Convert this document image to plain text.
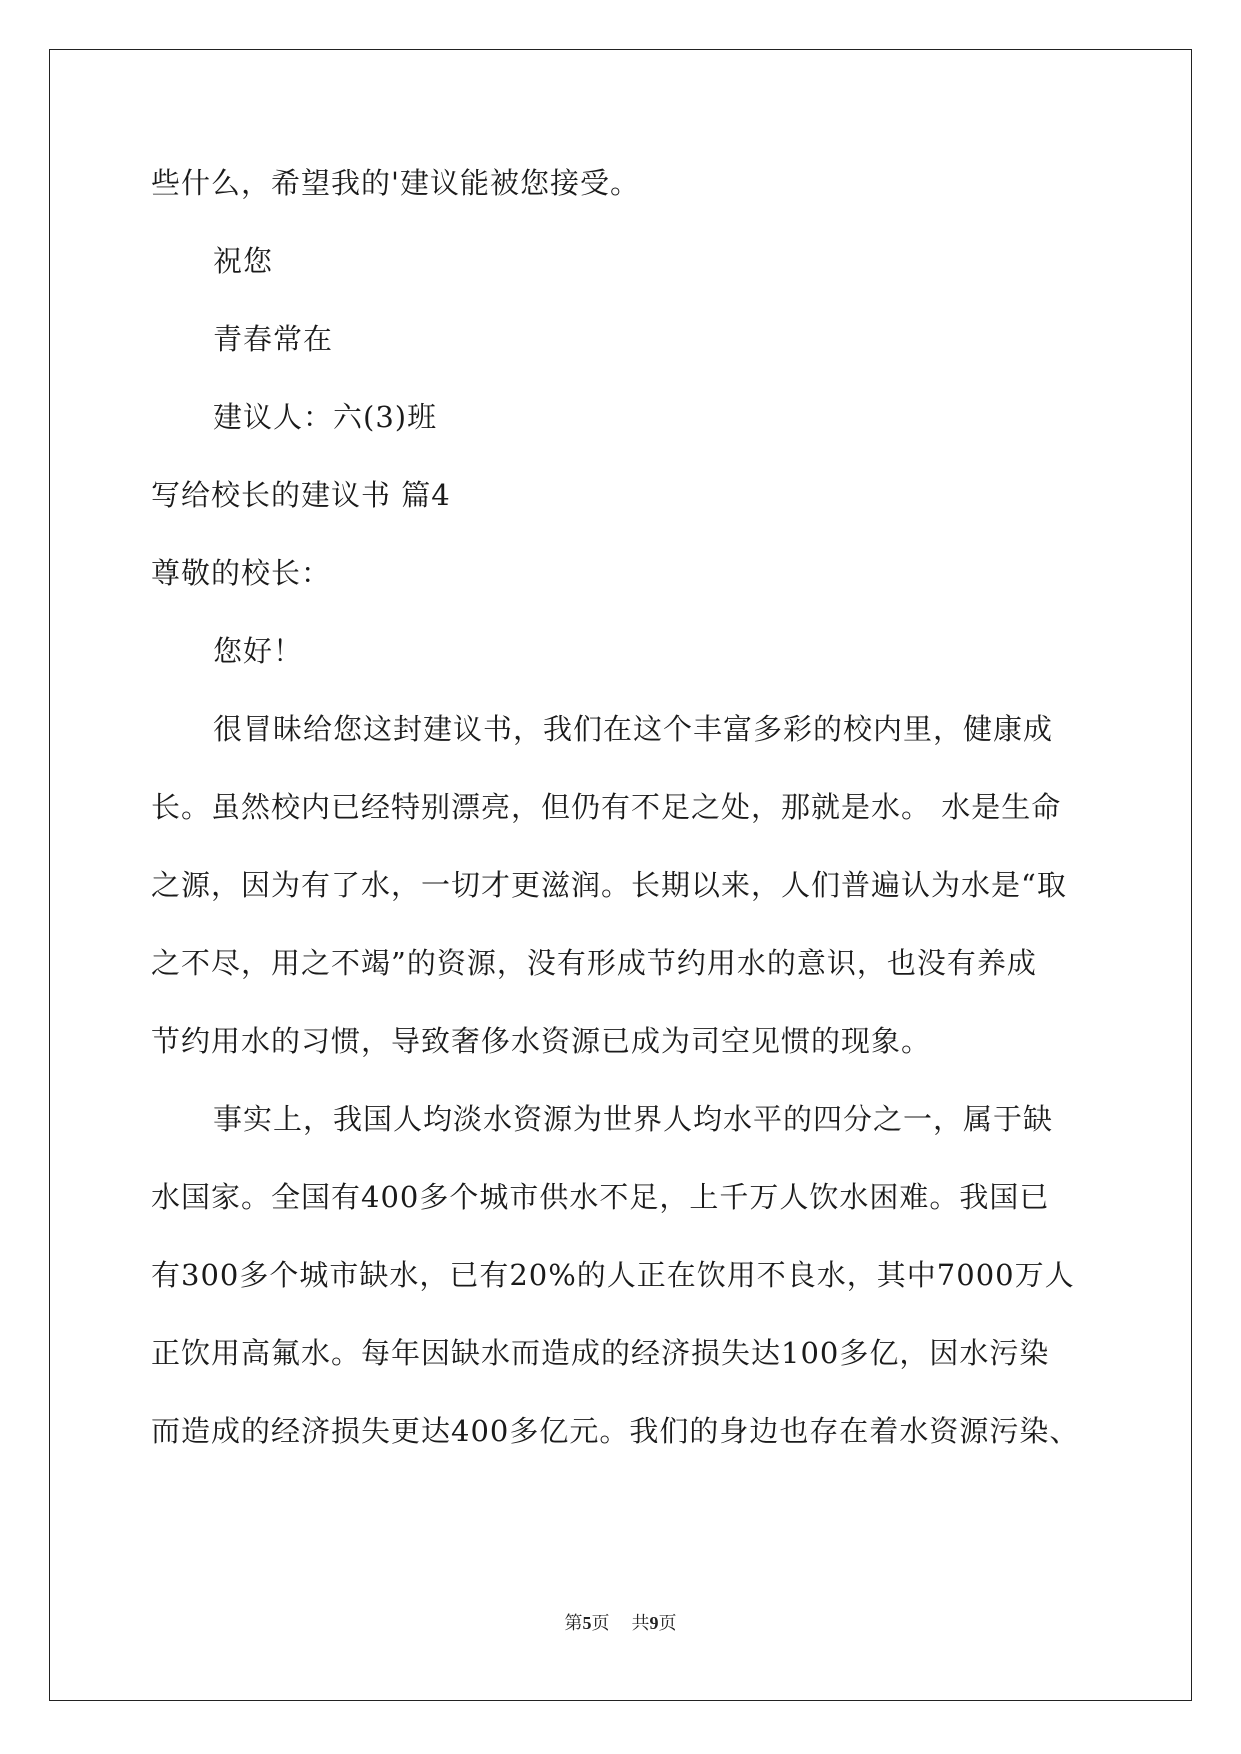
些什么，希望我的'建议能被您接受。
祝您
青春常在
建议人：六(3)班
写给校长的建议书 篇4
尊敬的校长：
您好！
很冒昧给您这封建议书，我们在这个丰富多彩的校内里，健康成
长。虽然校内已经特别漂亮，但仍有不足之处，那就是水。 水是生命
之源，因为有了水，一切才更滋润。长期以来，人们普遍认为水是“取
之不尽，用之不竭”的资源，没有形成节约用水的意识，也没有养成
节约用水的习惯，导致奢侈水资源已成为司空见惯的现象。
事实上，我国人均淡水资源为世界人均水平的四分之一，属于缺
水国家。全国有400多个城市供水不足，上千万人饮水困难。我国已
有300多个城市缺水，已有20%的人正在饮用不良水，其中7000万人
正饮用高氟水。每年因缺水而造成的经济损失达100多亿，因水污染
而造成的经济损失更达400多亿元。我们的身边也存在着水资源污染、
第5页 共9页
